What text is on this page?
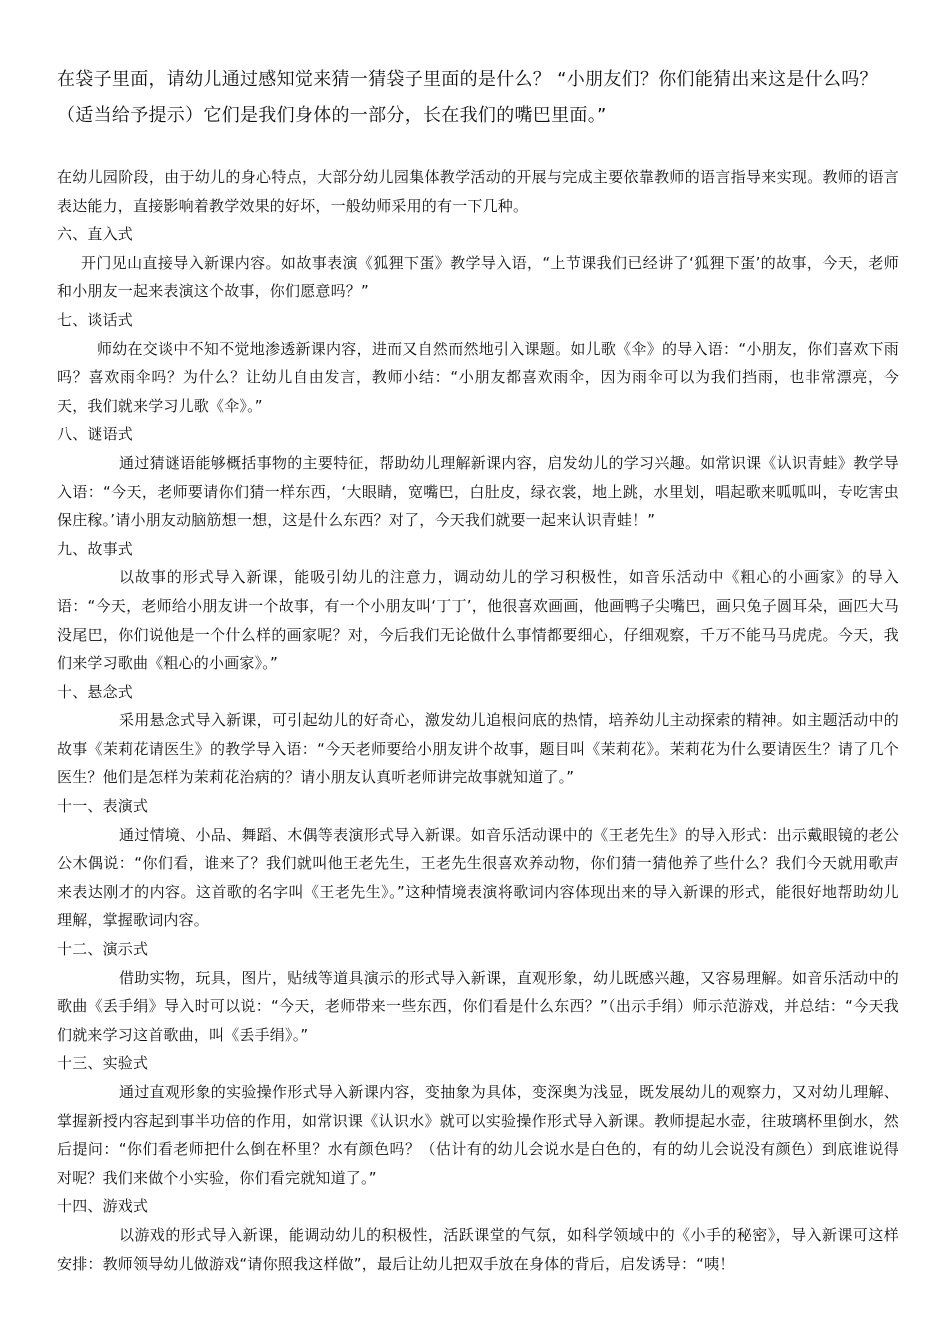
在袋子里面，请幼儿通过感知觉来猜一猜袋子里面的是什么？ “小朋友们？你们能猜出来这是什么吗？（适当给予提示）它们是我们身体的一部分，长在我们的嘴巴里面。”

在幼儿园阶段，由于幼儿的身心特点，大部分幼儿园集体教学活动的开展与完成主要依靠教师的语言指导来实现。教师的语言表达能力，直接影响着教学效果的好坏，一般幼师采用的有一下几种。

六、直入式

开门见山直接导入新课内容。如故事表演《狐狸下蛋》教学导入语，“上节课我们已经讲了‘狐狸下蛋’的故事，今天，老师和小朋友一起来表演这个故事，你们愿意吗？”

七、谈话式

师幼在交谈中不知不觉地渗透新课内容，进而又自然而然地引入课题。如儿歌《伞》的导入语：“小朋友，你们喜欢下雨吗？喜欢雨伞吗？为什么？让幼儿自由发言，教师小结：“小朋友都喜欢雨伞，因为雨伞可以为我们挡雨，也非常漂亮，今天，我们就来学习儿歌《伞》。”

八、谜语式

通过猜谜语能够概括事物的主要特征，帮助幼儿理解新课内容，启发幼儿的学习兴趣。如常识课《认识青蛙》教学导入语：“今天，老师要请你们猜一样东西，‘大眼睛，宽嘴巴，白肚皮，绿衣裳，地上跳，水里划，唱起歌来呱呱叫，专吃害虫保庄稼。’请小朋友动脑筋想一想，这是什么东西？对了，今天我们就要一起来认识青蛙！”

九、故事式

以故事的形式导入新课，能吸引幼儿的注意力，调动幼儿的学习积极性，如音乐活动中《粗心的小画家》的导入语：“今天，老师给小朋友讲一个故事，有一个小朋友叫‘丁丁’，他很喜欢画画，他画鸭子尖嘴巴，画只兔子圆耳朵，画匹大马没尾巴，你们说他是一个什么样的画家呢？对，今后我们无论做什么事情都要细心，仔细观察，千万不能马马虎虎。今天，我们来学习歌曲《粗心的小画家》。”

十、悬念式

采用悬念式导入新课，可引起幼儿的好奇心，激发幼儿追根问底的热情，培养幼儿主动探索的精神。如主题活动中的故事《茉莉花请医生》的教学导入语：“今天老师要给小朋友讲个故事，题目叫《茉莉花》。茉莉花为什么要请医生？请了几个医生？他们是怎样为茉莉花治病的？请小朋友认真听老师讲完故事就知道了。”

十一、表演式

通过情境、小品、舞蹈、木偶等表演形式导入新课。如音乐活动课中的《王老先生》的导入形式：出示戴眼镜的老公公木偶说：“你们看，谁来了？我们就叫他王老先生，王老先生很喜欢养动物，你们猜一猜他养了些什么？我们今天就用歌声来表达刚才的内容。这首歌的名字叫《王老先生》。”这种情境表演将歌词内容体现出来的导入新课的形式，能很好地帮助幼儿理解，掌握歌词内容。

十二、演示式

借助实物，玩具，图片，贴绒等道具演示的形式导入新课，直观形象，幼儿既感兴趣，又容易理解。如音乐活动中的歌曲《丢手绢》导入时可以说：“今天，老师带来一些东西，你们看是什么东西？”（出示手绢）师示范游戏，并总结：“今天我们就来学习这首歌曲，叫《丢手绢》。”

十三、实验式

通过直观形象的实验操作形式导入新课内容，变抽象为具体，变深奥为浅显，既发展幼儿的观察力，又对幼儿理解、掌握新授内容起到事半功倍的作用，如常识课《认识水》就可以实验操作形式导入新课。教师提起水壶，往玻璃杯里倒水，然后提问：“你们看老师把什么倒在杯里？水有颜色吗？（估计有的幼儿会说水是白色的，有的幼儿会说没有颜色）到底谁说得对呢？我们来做个小实验，你们看完就知道了。”

十四、游戏式

以游戏的形式导入新课，能调动幼儿的积极性，活跃课堂的气氛，如科学领域中的《小手的秘密》，导入新课可这样安排：教师领导幼儿做游戏“请你照我这样做”，最后让幼儿把双手放在身体的背后，启发诱导：“咦！
